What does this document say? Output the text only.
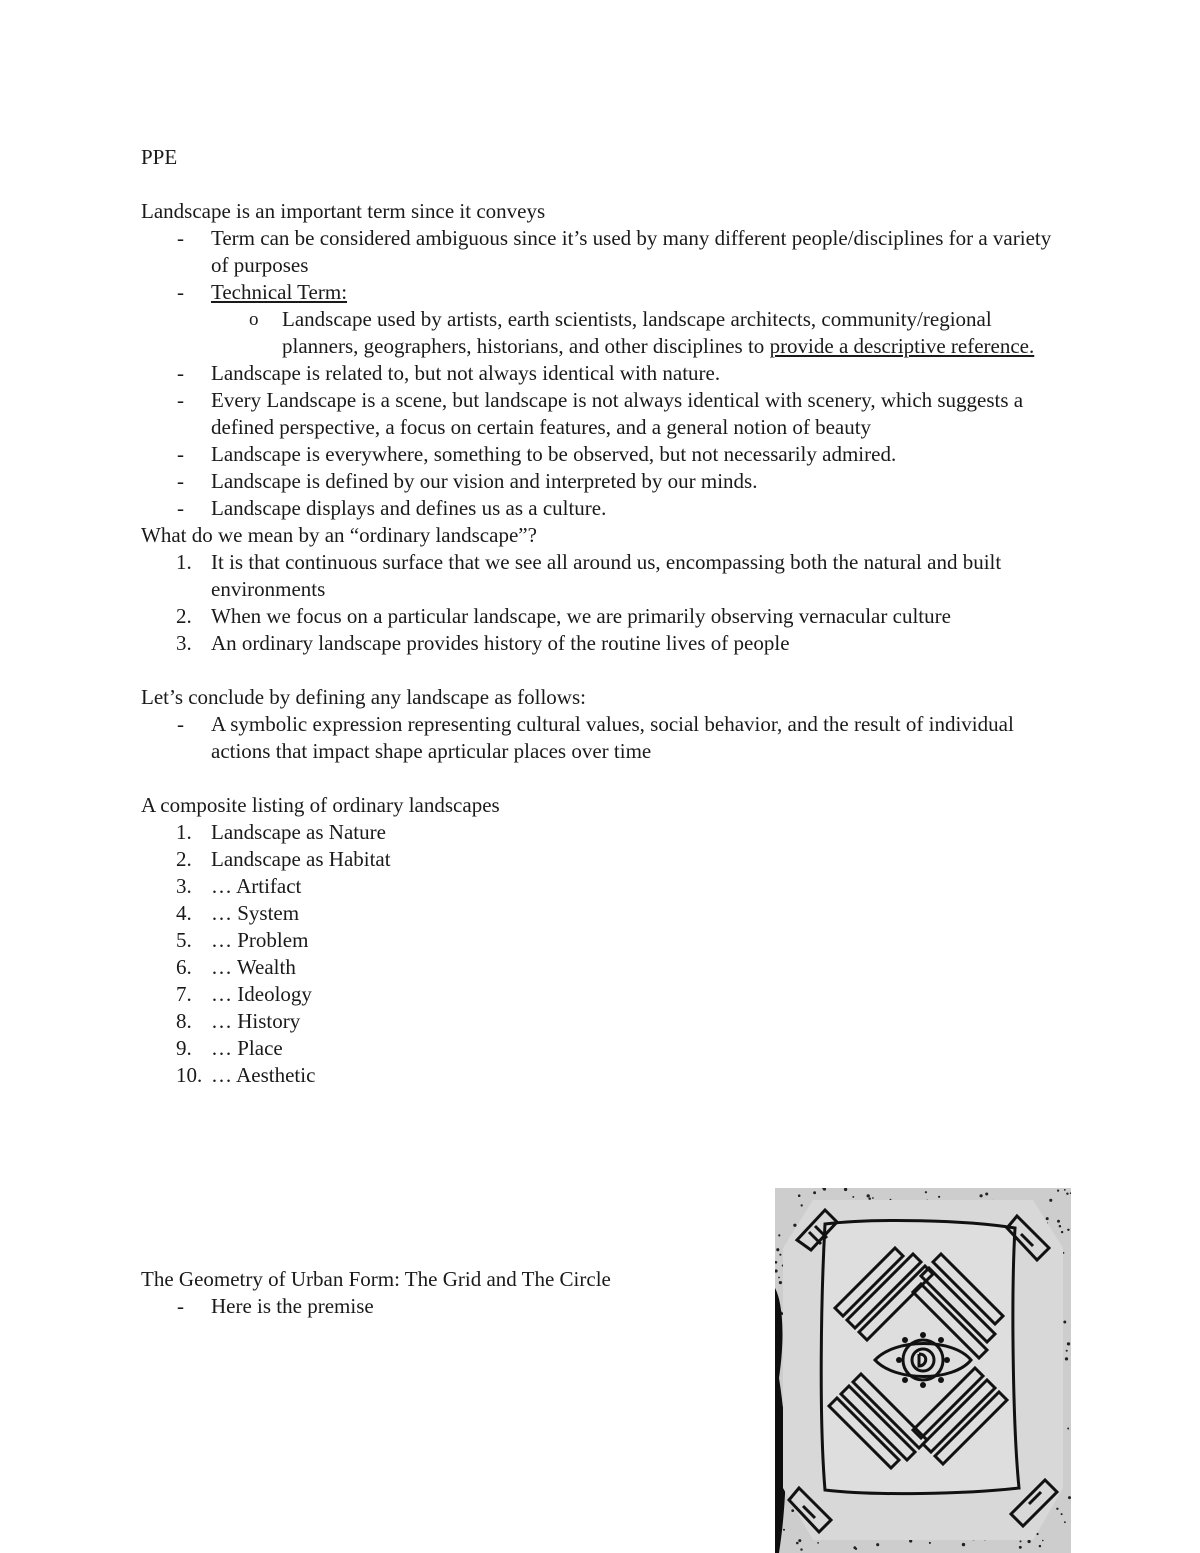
PPE

Landscape is an important term since it conveys

- Term can be considered ambiguous since it’s used by many different people/disciplines for a variety of purposes
- Technical Term:
o Landscape used by artists, earth scientists, landscape architects, community/regional planners, geographers, historians, and other disciplines to provide a descriptive reference.
- Landscape is related to, but not always identical with nature.
- Every Landscape is a scene, but landscape is not always identical with scenery, which suggests a defined perspective, a focus on certain features, and a general notion of beauty
- Landscape is everywhere, something to be observed, but not necessarily admired.
- Landscape is defined by our vision and interpreted by our minds.
- Landscape displays and defines us as a culture.

What do we mean by an “ordinary landscape”?

1. It is that continuous surface that we see all around us, encompassing both the natural and built environments
2. When we focus on a particular landscape, we are primarily observing vernacular culture
3. An ordinary landscape provides history of the routine lives of people

Let’s conclude by defining any landscape as follows:

- A symbolic expression representing cultural values, social behavior, and the result of individual actions that impact shape aprticular places over time

A composite listing of ordinary landscapes

1. Landscape as Nature
2. Landscape as Habitat
3. … Artifact
4. … System
5. … Problem
6. … Wealth
7. … Ideology
8. … History
9. … Place
10. … Aesthetic

The Geometry of Urban Form: The Grid and The Circle

- Here is the premise
